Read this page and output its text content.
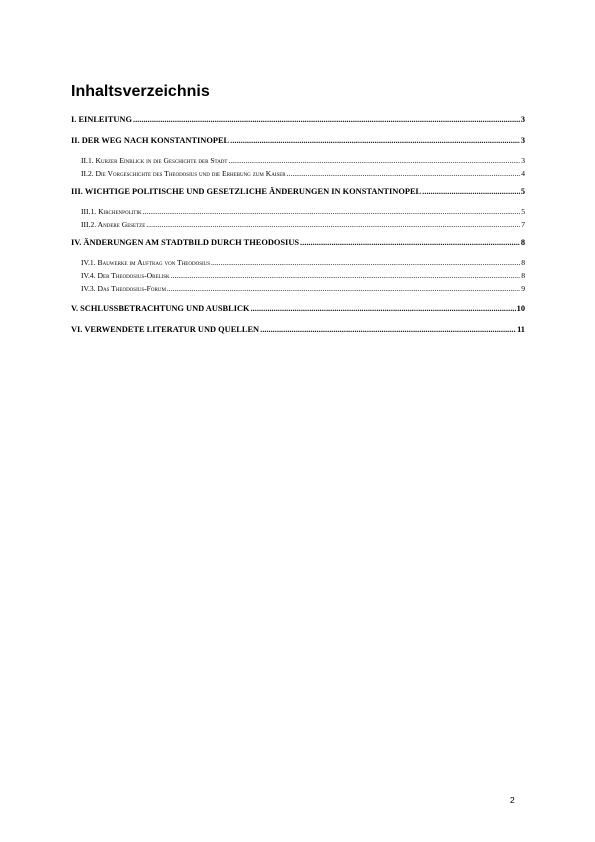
Inhaltsverzeichnis
I. EINLEITUNG .....	3
II. DER WEG NACH KONSTANTINOPEL .....	3
II.1. Kurzer Einblick in die Geschichte der Stadt .....	3
II.2. Die Vorgeschichte des Theodosius und die Erhebung zum Kaiser .....	4
III. WICHTIGE POLITISCHE UND GESETZLICHE ÄNDERUNGEN IN KONSTANTINOPEL .....	5
III.1. Kirchenpolitik .....	5
III.2. Andere Gesetze .....	7
IV. ÄNDERUNGEN AM STADTBILD DURCH THEODOSIUS .....	8
IV.1. Bauwerke im Auftrag von Theodosius .....	8
IV.4. Der Theodosius-Obelisk .....	8
IV.3. Das Theodosius-Forum .....	9
V. SCHLUSSBETRACHTUNG UND AUSBLICK .....	10
VI. VERWENDETE LITERATUR UND QUELLEN .....	11
2
